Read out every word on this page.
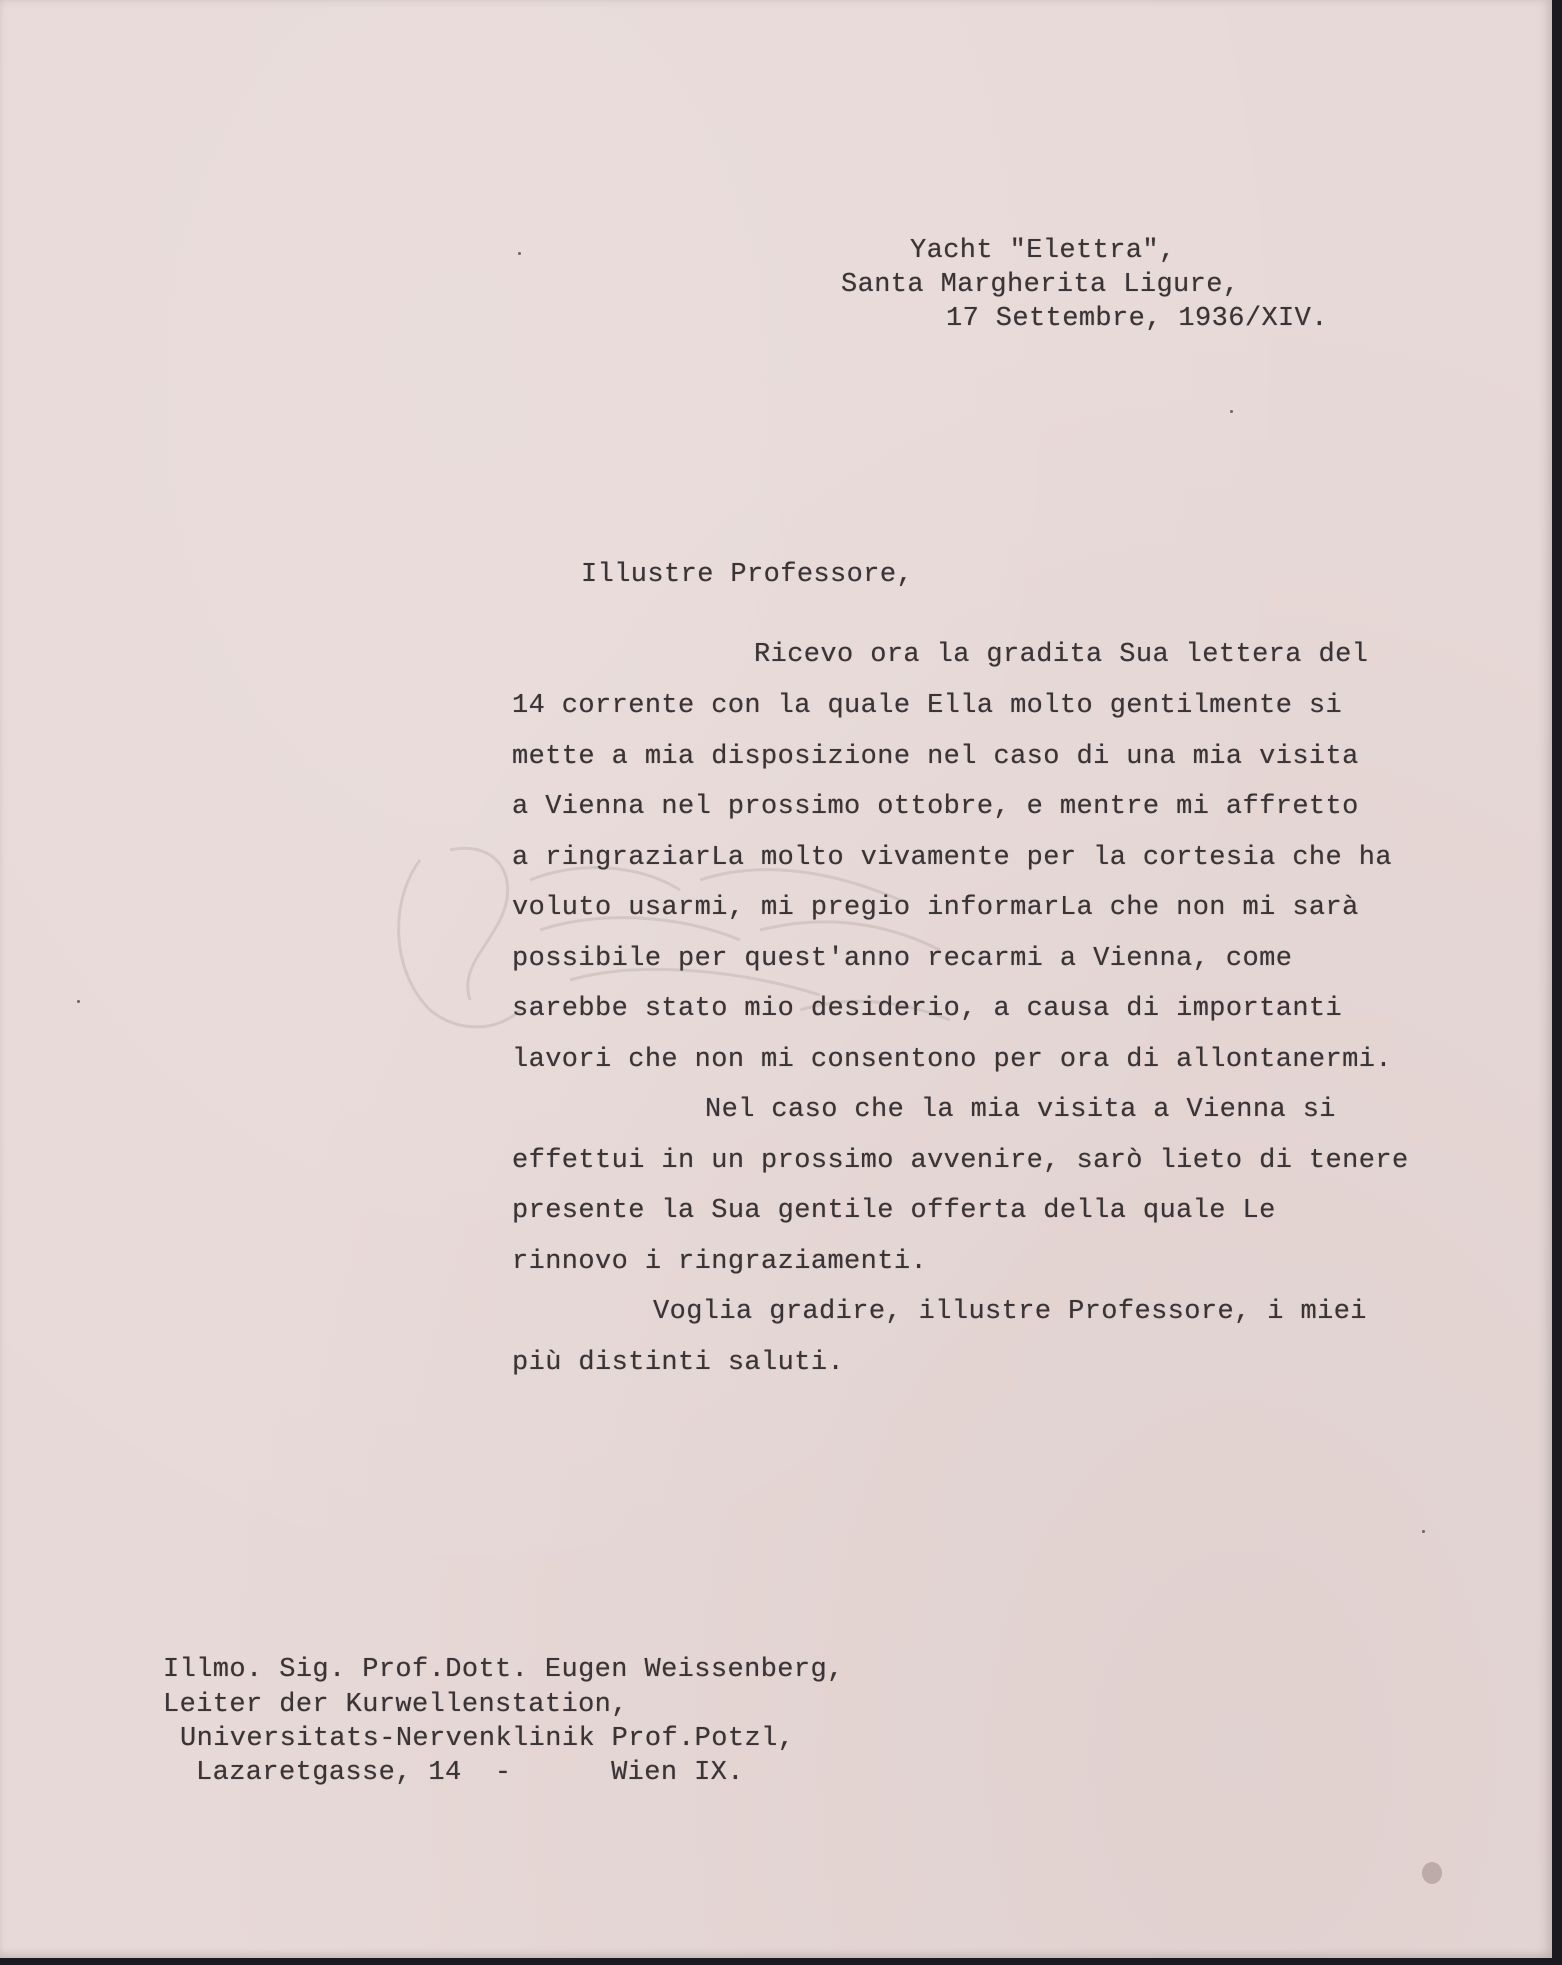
Yacht "Elettra",

Santa Margherita Ligure,

17 Settembre, 1936/XIV.

Illustre Professore,
Ricevo ora la gradita Sua lettera del
14 corrente con la quale Ella molto gentilmente si
mette a mia disposizione nel caso di una mia visita
a Vienna nel prossimo ottobre, e mentre mi affretto
a ringraziarLa molto vivamente per la cortesia che ha
voluto usarmi, mi pregio informarLa che non mi sarà
possibile per quest'anno recarmi a Vienna, come
sarebbe stato mio desiderio, a causa di importanti
lavori che non mi consentono per ora di allontanermi.
Nel caso che la mia visita a Vienna si
effettui in un prossimo avvenire, sarò lieto di tenere
presente la Sua gentile offerta della quale Le
rinnovo i ringraziamenti.
Voglia gradire, illustre Professore, i miei
più distinti saluti.
Illmo. Sig. Prof.Dott. Eugen Weissenberg,
Leiter der Kurwellenstation,
Universitats-Nervenklinik Prof.Potzl,
Lazaretgasse, 14  -      Wien IX.
